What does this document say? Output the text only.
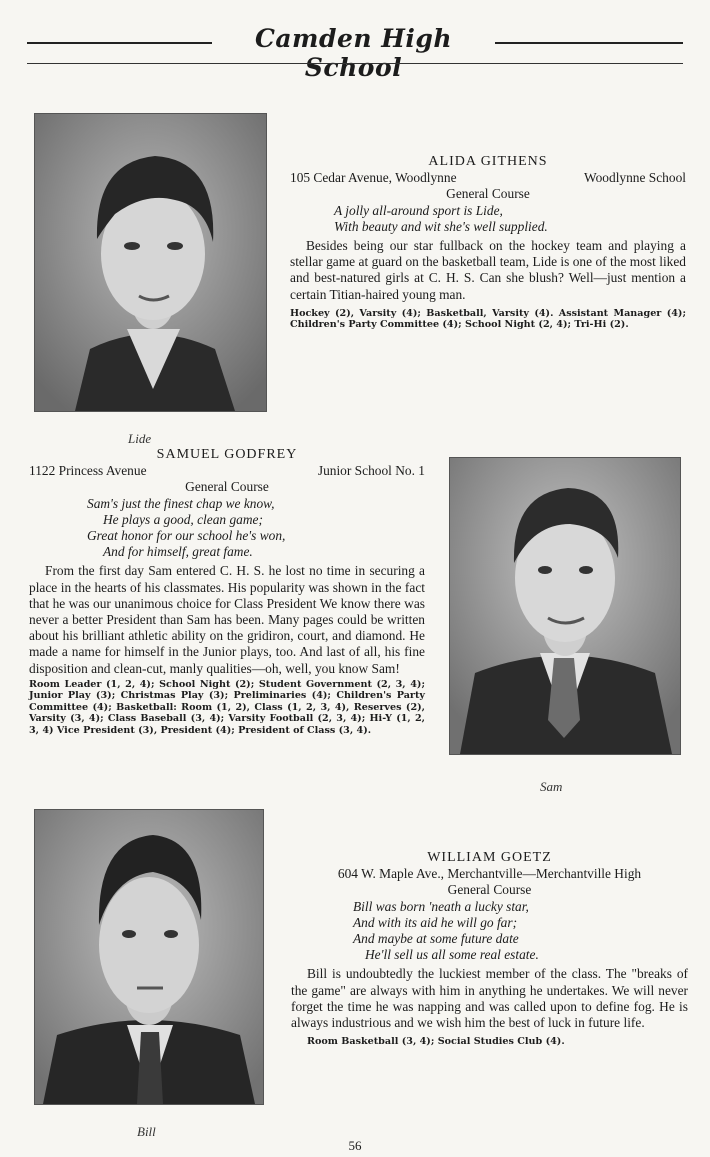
Camden High School
ALIDA GITHENS
105 Cedar Avenue, Woodlynne	Woodlynne School
General Course
A jolly all-around sport is Lide,
With beauty and wit she's well supplied.
Besides being our star fullback on the hockey team and playing a stellar game at guard on the basketball team, Lide is one of the most liked and best-natured girls at C. H. S. Can she blush? Well—just mention a certain Titian-haired young man.
Hockey (2), Varsity (4); Basketball, Varsity (4). Assistant Manager (4); Children's Party Committee (4); School Night (2, 4); Tri-Hi (2).
Lide
SAMUEL GODFREY
1122 Princess Avenue	Junior School No. 1
General Course
Sam's just the finest chap we know,
He plays a good, clean game;
Great honor for our school he's won,
And for himself, great fame.
From the first day Sam entered C. H. S. he lost no time in securing a place in the hearts of his classmates. His popularity was shown in the fact that he was our unanimous choice for Class President We know there was never a better President than Sam has been. Many pages could be written about his brilliant athletic ability on the gridiron, court, and diamond. He made a name for himself in the Junior plays, too. And last of all, his fine disposition and clean-cut, manly qualities—oh, well, you know Sam!
Room Leader (1, 2, 4); School Night (2); Student Government (2, 3, 4); Junior Play (3); Christmas Play (3); Preliminaries (4); Children's Party Committee (4); Basketball: Room (1, 2), Class (1, 2, 3, 4), Reserves (2), Varsity (3, 4); Class Baseball (3, 4); Varsity Football (2, 3, 4); Hi-Y (1, 2, 3, 4) Vice President (3), President (4); President of Class (3, 4).
Sam
WILLIAM GOETZ
604 W. Maple Ave., Merchantville—Merchantville High
General Course
Bill was born 'neath a lucky star,
And with its aid he will go far;
And maybe at some future date
He'll sell us all some real estate.
Bill is undoubtedly the luckiest member of the class. The "breaks of the game" are always with him in anything he undertakes. We will never forget the time he was napping and was called upon to define fog. He is always industrious and we wish him the best of luck in future life.
Room Basketball (3, 4); Social Studies Club (4).
Bill
56
